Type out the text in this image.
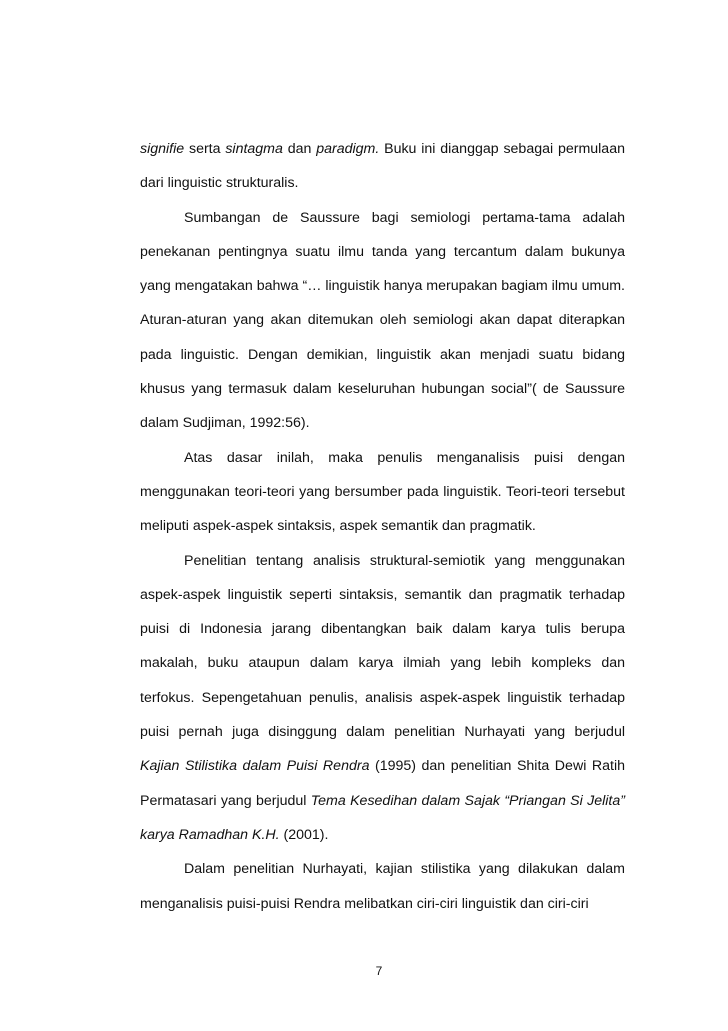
signifie serta sintagma dan paradigm. Buku ini dianggap sebagai permulaan dari linguistic strukturalis.

Sumbangan de Saussure bagi semiologi pertama-tama adalah penekanan pentingnya suatu ilmu tanda yang tercantum dalam bukunya yang mengatakan bahwa “… linguistik hanya merupakan bagiam ilmu umum. Aturan-aturan yang akan ditemukan oleh semiologi akan dapat diterapkan pada linguistic. Dengan demikian, linguistik akan menjadi suatu bidang khusus yang termasuk dalam keseluruhan hubungan social”( de Saussure dalam Sudjiman, 1992:56).

Atas dasar inilah, maka penulis menganalisis puisi dengan menggunakan teori-teori yang bersumber pada linguistik. Teori-teori tersebut meliputi aspek-aspek sintaksis, aspek semantik dan pragmatik.

Penelitian tentang analisis struktural-semiotik yang menggunakan aspek-aspek linguistik seperti sintaksis, semantik dan pragmatik terhadap puisi di Indonesia jarang dibentangkan baik dalam karya tulis berupa makalah, buku ataupun dalam karya ilmiah yang lebih kompleks dan terfokus. Sepengetahuan penulis, analisis aspek-aspek linguistik terhadap puisi pernah juga disinggung dalam penelitian Nurhayati yang berjudul Kajian Stilistika dalam Puisi Rendra (1995) dan penelitian Shita Dewi Ratih Permatasari yang berjudul Tema Kesedihan dalam Sajak “Priangan Si Jelita” karya Ramadhan K.H. (2001).

Dalam penelitian Nurhayati, kajian stilistika yang dilakukan dalam menganalisis puisi-puisi Rendra melibatkan ciri-ciri linguistik dan ciri-ciri

7
